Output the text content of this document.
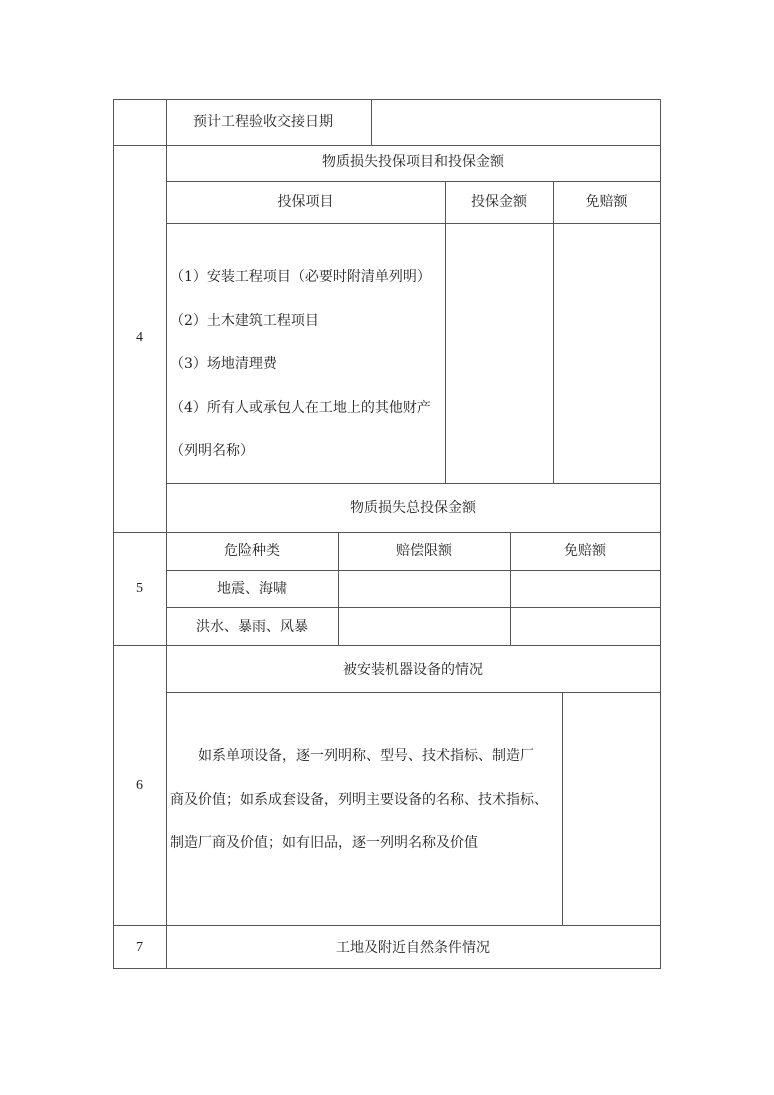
预计工程验收交接日期
4
物质损失投保项目和投保金额
投保项目	投保金额	免赔额
（1）安装工程项目（必要时附清单列明）
（2）土木建筑工程项目
（3）场地清理费
（4）所有人或承包人在工地上的其他财产
（列明名称）
物质损失总投保金额
5
危险种类	赔偿限额	免赔额
地震、海啸
洪水、暴雨、风暴
6
被安装机器设备的情况
如系单项设备，逐一列明称、型号、技术指标、制造厂
商及价值；如系成套设备，列明主要设备的名称、技术指标、
制造厂商及价值；如有旧品，逐一列明名称及价值
7	工地及附近自然条件情况
